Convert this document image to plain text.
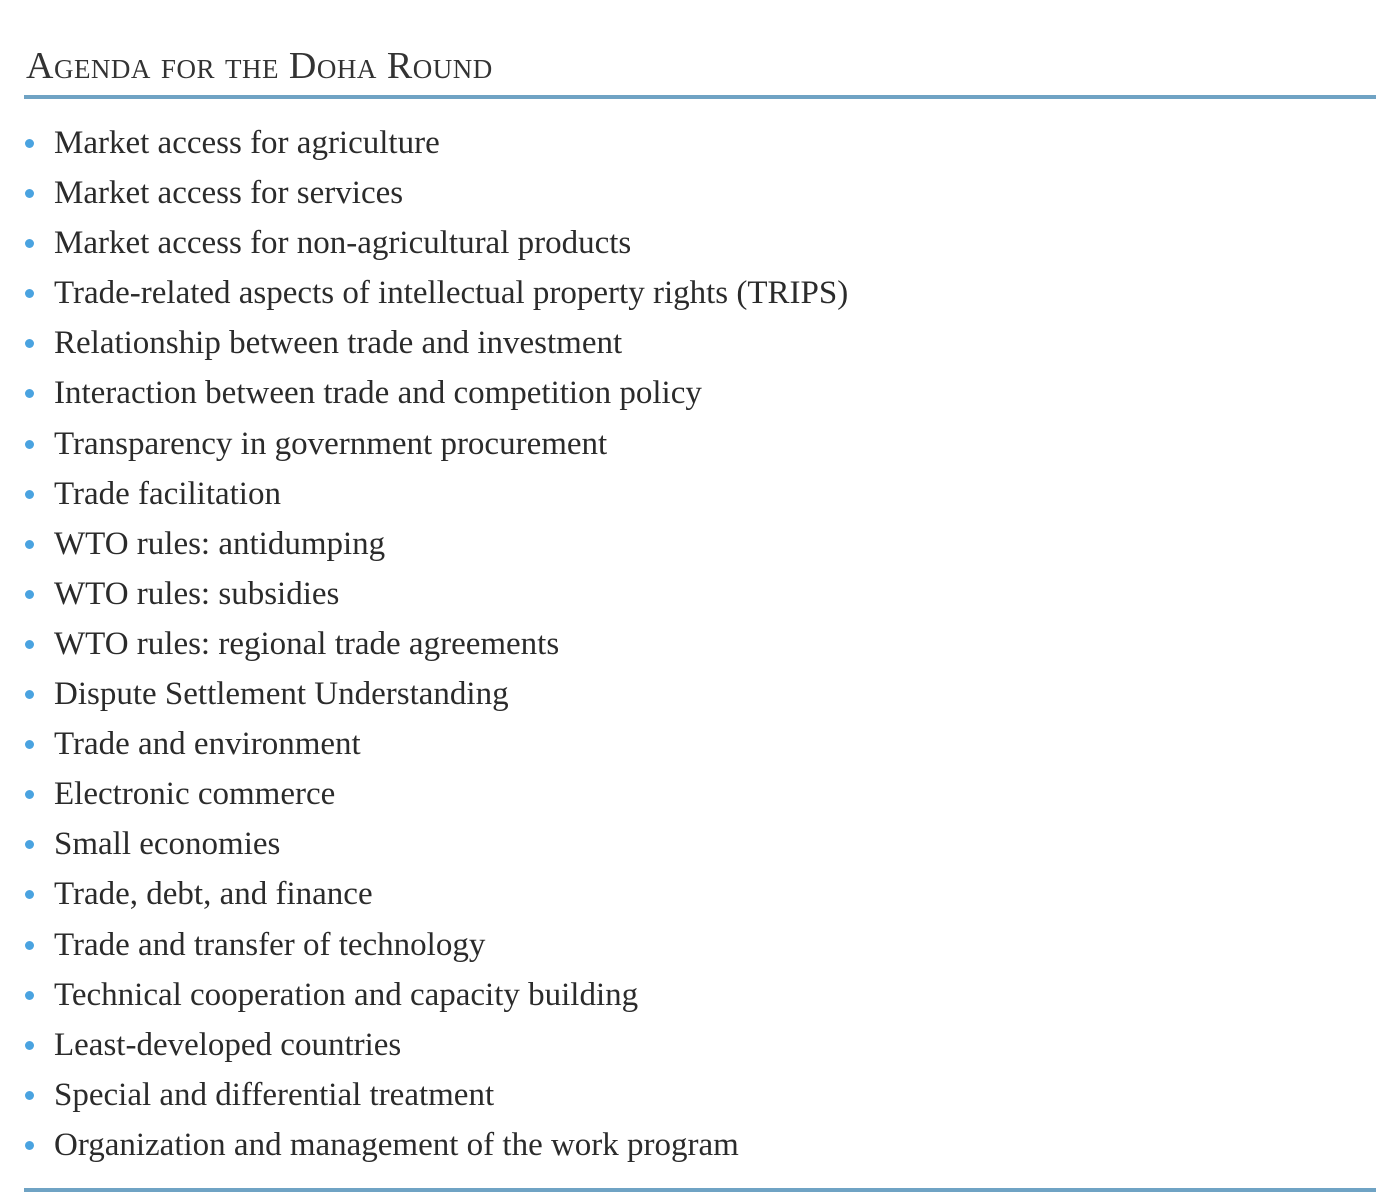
Agenda for the Doha Round
Market access for agriculture
Market access for services
Market access for non-agricultural products
Trade-related aspects of intellectual property rights (TRIPS)
Relationship between trade and investment
Interaction between trade and competition policy
Transparency in government procurement
Trade facilitation
WTO rules: antidumping
WTO rules: subsidies
WTO rules: regional trade agreements
Dispute Settlement Understanding
Trade and environment
Electronic commerce
Small economies
Trade, debt, and finance
Trade and transfer of technology
Technical cooperation and capacity building
Least-developed countries
Special and differential treatment
Organization and management of the work program
